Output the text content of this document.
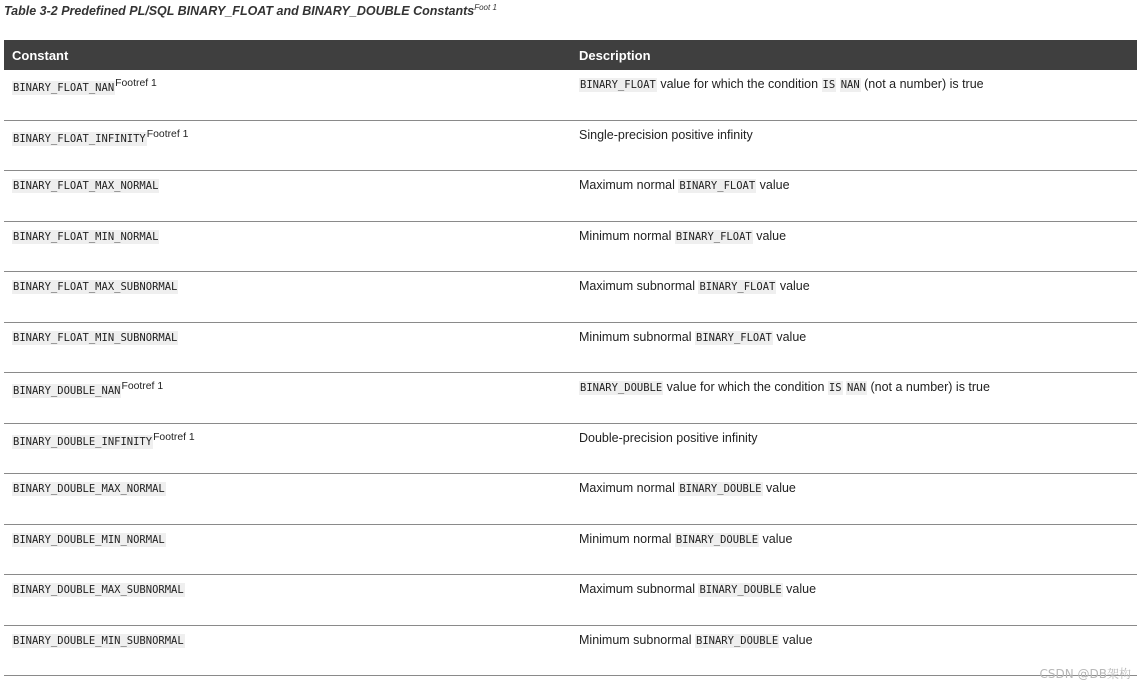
Table 3-2 Predefined PL/SQL BINARY_FLOAT and BINARY_DOUBLE Constants$^{Foot 1}$
Constant	Description
$BINARY\_FLOAT\_NAN^{Footref 1}$	BINARY_FLOAT value for which the condition IS NAN (not a number) is true
$BINARY\_FLOAT\_INFINITY^{Footref 1}$	Single-precision positive infinity
BINARY_FLOAT_MAX_NORMAL	Maximum normal BINARY_FLOAT value
BINARY_FLOAT_MIN_NORMAL	Minimum normal BINARY_FLOAT value
BINARY_FLOAT_MAX_SUBNORMAL	Maximum subnormal BINARY_FLOAT value
BINARY_FLOAT_MIN_SUBNORMAL	Minimum subnormal BINARY_FLOAT value
$BINARY\_DOUBLE\_NAN^{Footref 1}$	BINARY_DOUBLE value for which the condition IS NAN (not a number) is true
$BINARY\_DOUBLE\_INFINITY^{Footref 1}$	Double-precision positive infinity
BINARY_DOUBLE_MAX_NORMAL	Maximum normal BINARY_DOUBLE value
BINARY_DOUBLE_MIN_NORMAL	Minimum normal BINARY_DOUBLE value
BINARY_DOUBLE_MAX_SUBNORMAL	Maximum subnormal BINARY_DOUBLE value
BINARY_DOUBLE_MIN_SUBNORMAL	Minimum subnormal BINARY_DOUBLE value
CSDN @DB架构
